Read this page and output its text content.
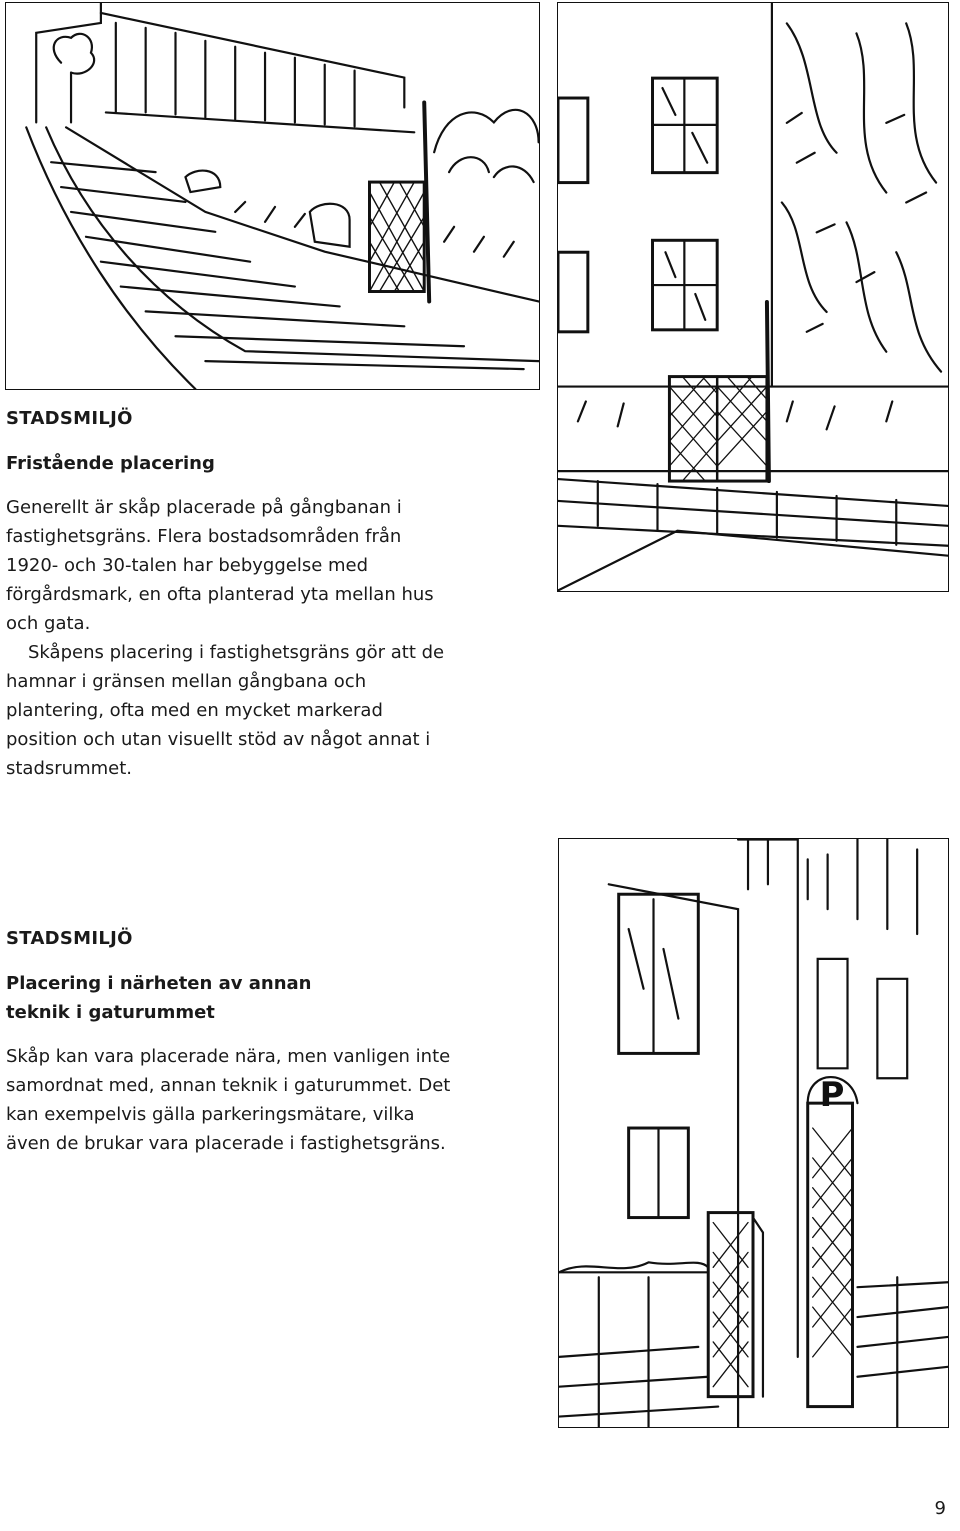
STADSMILJÖ
Fristående placering

Generellt är skåp placerade på gångbanan i fastighetsgräns. Flera bostadsområden från 1920- och 30-talen har bebyggelse med förgårdsmark, en ofta planterad yta mellan hus och gata.

Skåpens placering i fastighetsgräns gör att de hamnar i gränsen mellan gångbana och plantering, ofta med en mycket markerad position och utan visuellt stöd av något annat i stadsrummet.

P
STADSMILJÖ
Placering i närheten av annan teknik i gaturummet

Skåp kan vara placerade nära, men vanligen inte samordnat med, annan teknik i gaturummet. Det kan exempelvis gälla parkeringsmätare, vilka även de brukar vara placerade i fastighetsgräns.

9
